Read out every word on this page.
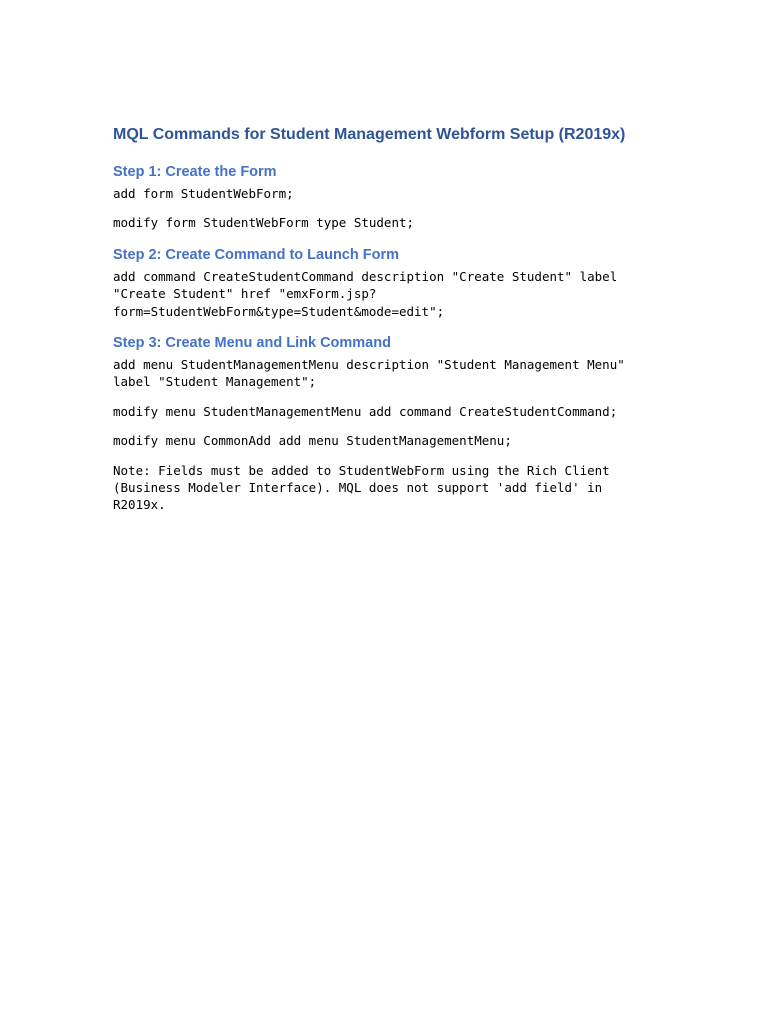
MQL Commands for Student Management Webform Setup (R2019x)
Step 1: Create the Form

add form StudentWebForm;

modify form StudentWebForm type Student;

Step 2: Create Command to Launch Form

add command CreateStudentCommand description "Create Student" label "Create Student" href "emxForm.jsp?
form=StudentWebForm&type=Student&mode=edit";

Step 3: Create Menu and Link Command

add menu StudentManagementMenu description "Student Management Menu" label "Student Management";

modify menu StudentManagementMenu add command CreateStudentCommand;

modify menu CommonAdd add menu StudentManagementMenu;

Note: Fields must be added to StudentWebForm using the Rich Client (Business Modeler Interface). MQL does not support 'add field' in R2019x.
